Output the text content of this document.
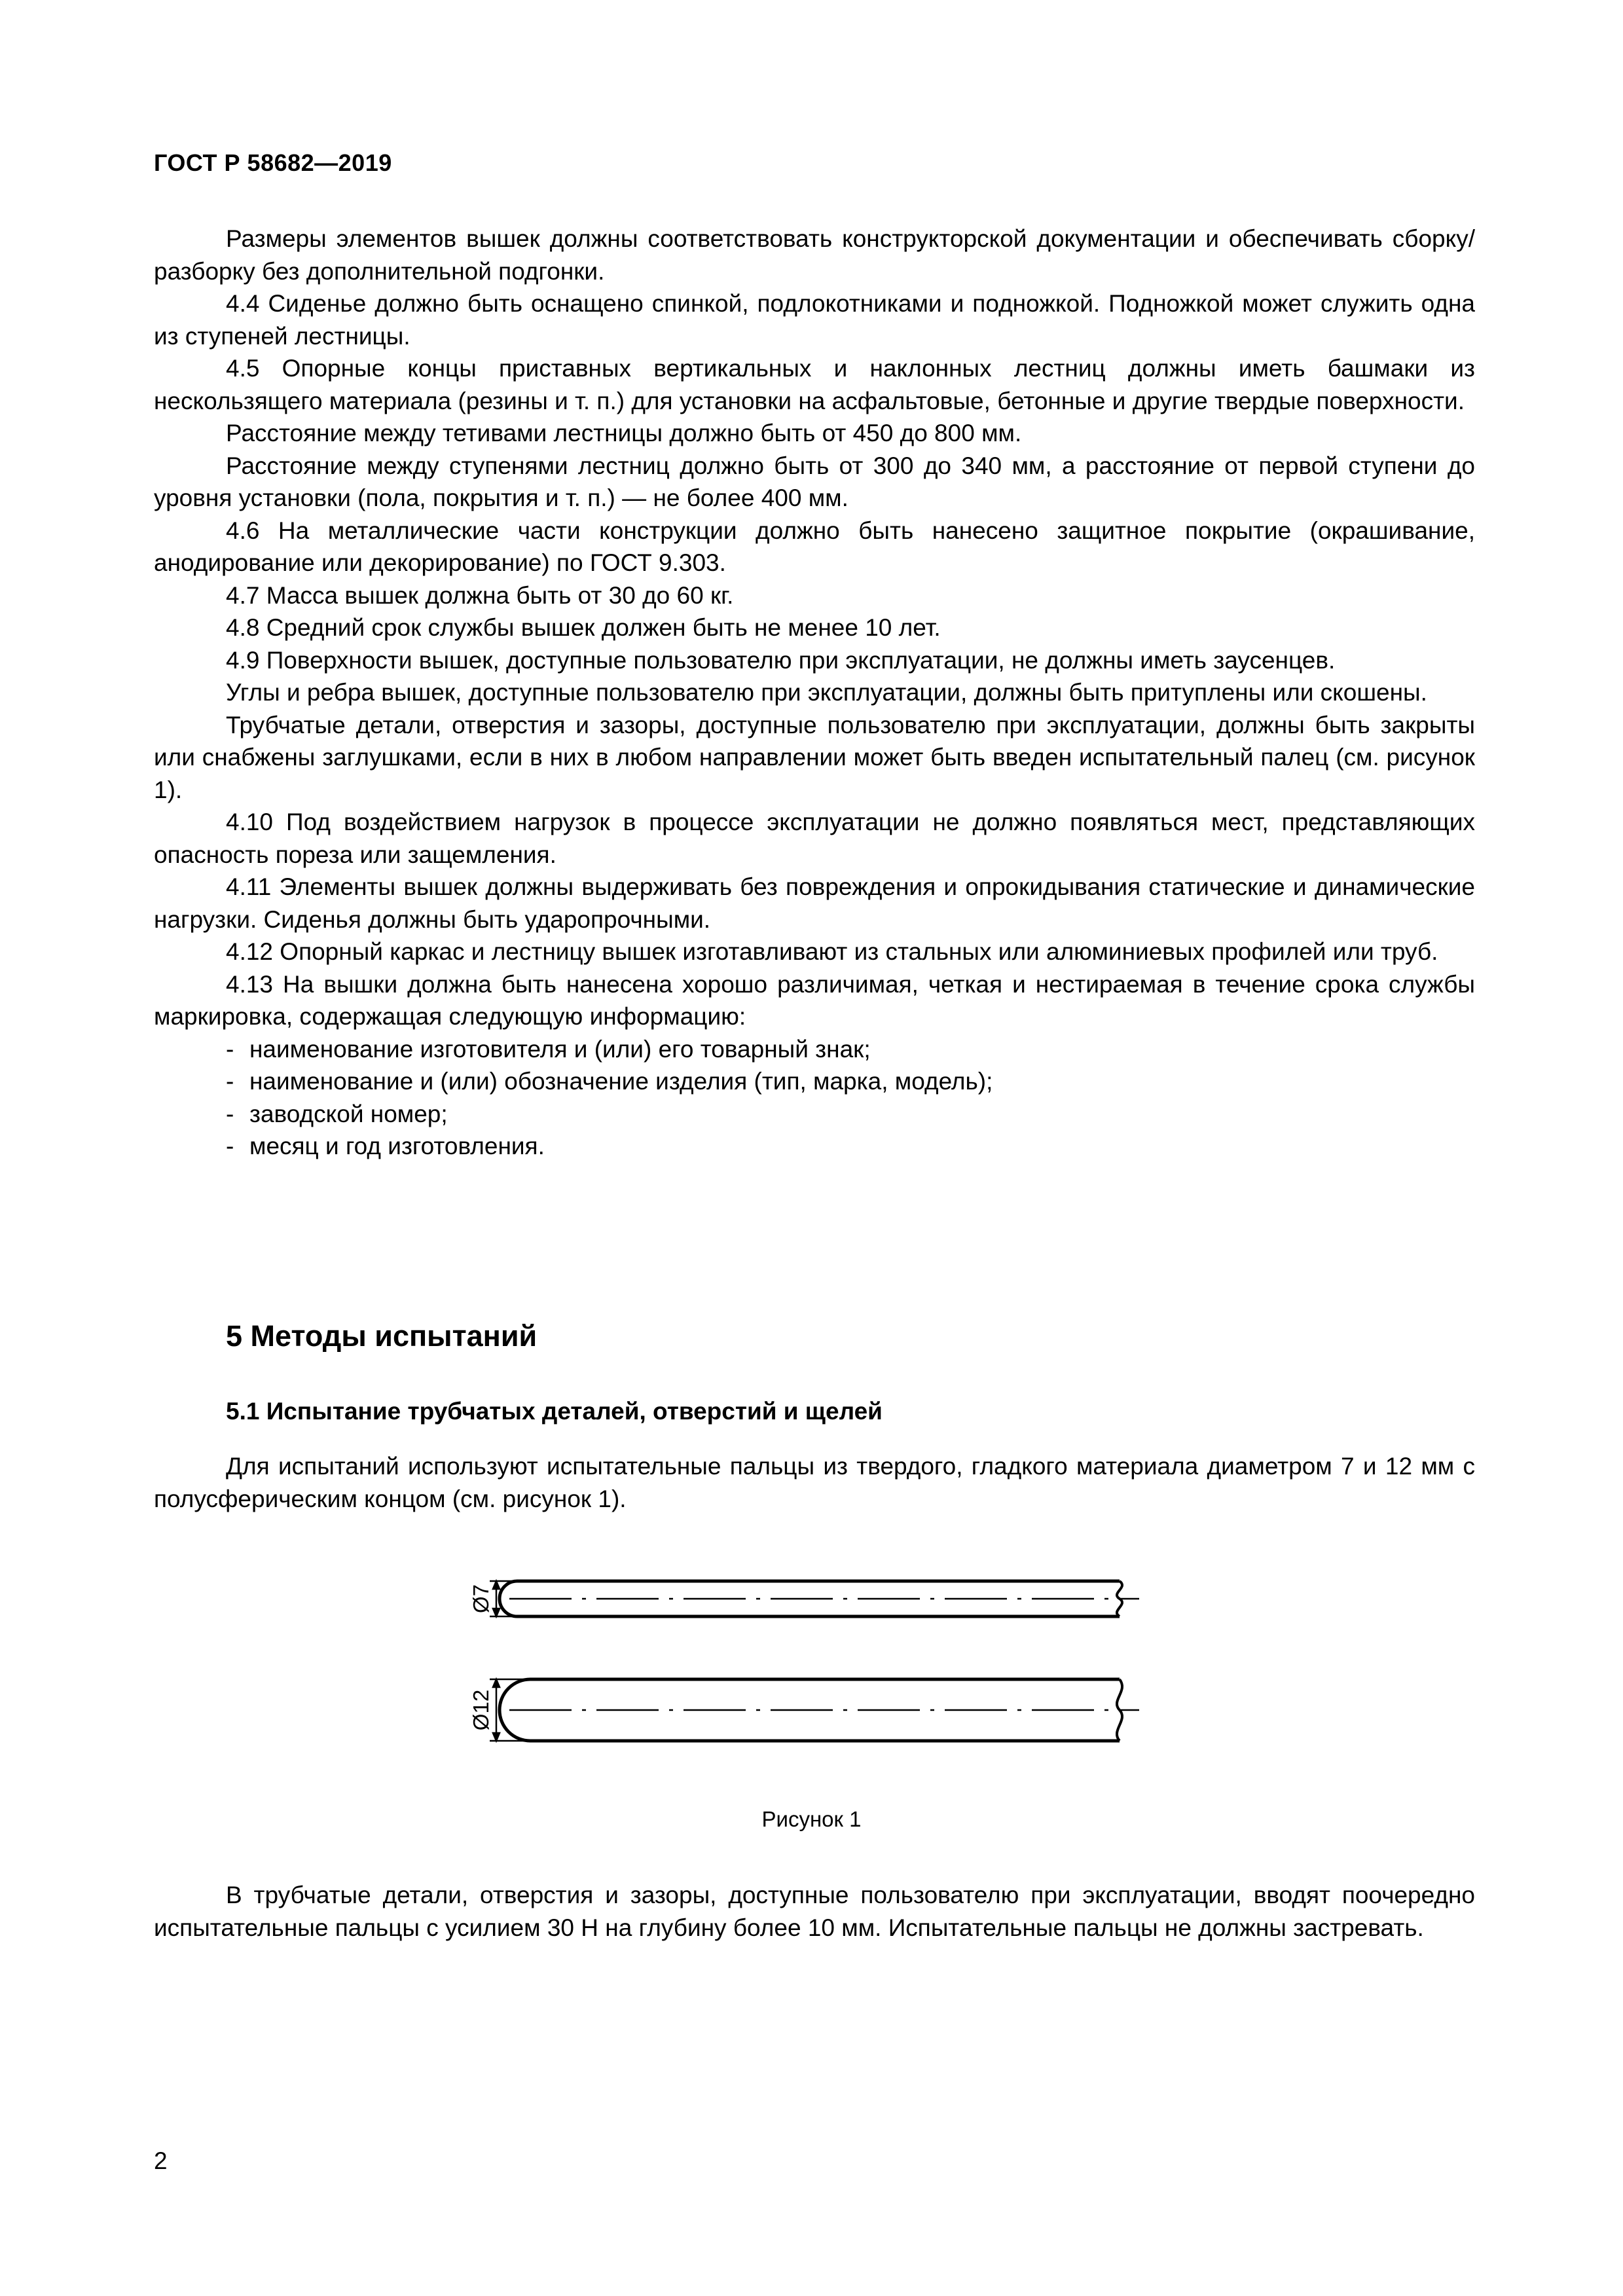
ГОСТ Р 58682—2019

Размеры элементов вышек должны соответствовать конструкторской документации и обеспечивать сборку/разборку без дополнительной подгонки.

4.4 Сиденье должно быть оснащено спинкой, подлокотниками и подножкой. Подножкой может служить одна из ступеней лестницы.

4.5 Опорные концы приставных вертикальных и наклонных лестниц должны иметь башмаки из нескользящего материала (резины и т. п.) для установки на асфальтовые, бетонные и другие твердые поверхности.

Расстояние между тетивами лестницы должно быть от 450 до 800 мм.

Расстояние между ступенями лестниц должно быть от 300 до 340 мм, а расстояние от первой ступени до уровня установки (пола, покрытия и т. п.) — не более 400 мм.

4.6 На металлические части конструкции должно быть нанесено защитное покрытие (окрашивание, анодирование или декорирование) по ГОСТ 9.303.

4.7 Масса вышек должна быть от 30 до 60 кг.

4.8 Средний срок службы вышек должен быть не менее 10 лет.

4.9 Поверхности вышек, доступные пользователю при эксплуатации, не должны иметь заусенцев.

Углы и ребра вышек, доступные пользователю при эксплуатации, должны быть притуплены или скошены.

Трубчатые детали, отверстия и зазоры, доступные пользователю при эксплуатации, должны быть закрыты или снабжены заглушками, если в них в любом направлении может быть введен испытательный палец (см. рисунок 1).

4.10 Под воздействием нагрузок в процессе эксплуатации не должно появляться мест, представляющих опасность пореза или защемления.

4.11 Элементы вышек должны выдерживать без повреждения и опрокидывания статические и динамические нагрузки. Сиденья должны быть ударопрочными.

4.12 Опорный каркас и лестницу вышек изготавливают из стальных или алюминиевых профилей или труб.

4.13 На вышки должна быть нанесена хорошо различимая, четкая и нестираемая в течение срока службы маркировка, содержащая следующую информацию:

- наименование изготовителя и (или) его товарный знак;
- наименование и (или) обозначение изделия (тип, марка, модель);
- заводской номер;
- месяц и год изготовления.
5 Методы испытаний
5.1 Испытание трубчатых деталей, отверстий и щелей

Для испытаний используют испытательные пальцы из твердого, гладкого материала диаметром 7 и 12 мм с полусферическим концом (см. рисунок 1).

Ø7
Ø12
Рисунок 1

В трубчатые детали, отверстия и зазоры, доступные пользователю при эксплуатации, вводят поочередно испытательные пальцы с усилием 30 Н на глубину более 10 мм. Испытательные пальцы не должны застревать.

2
